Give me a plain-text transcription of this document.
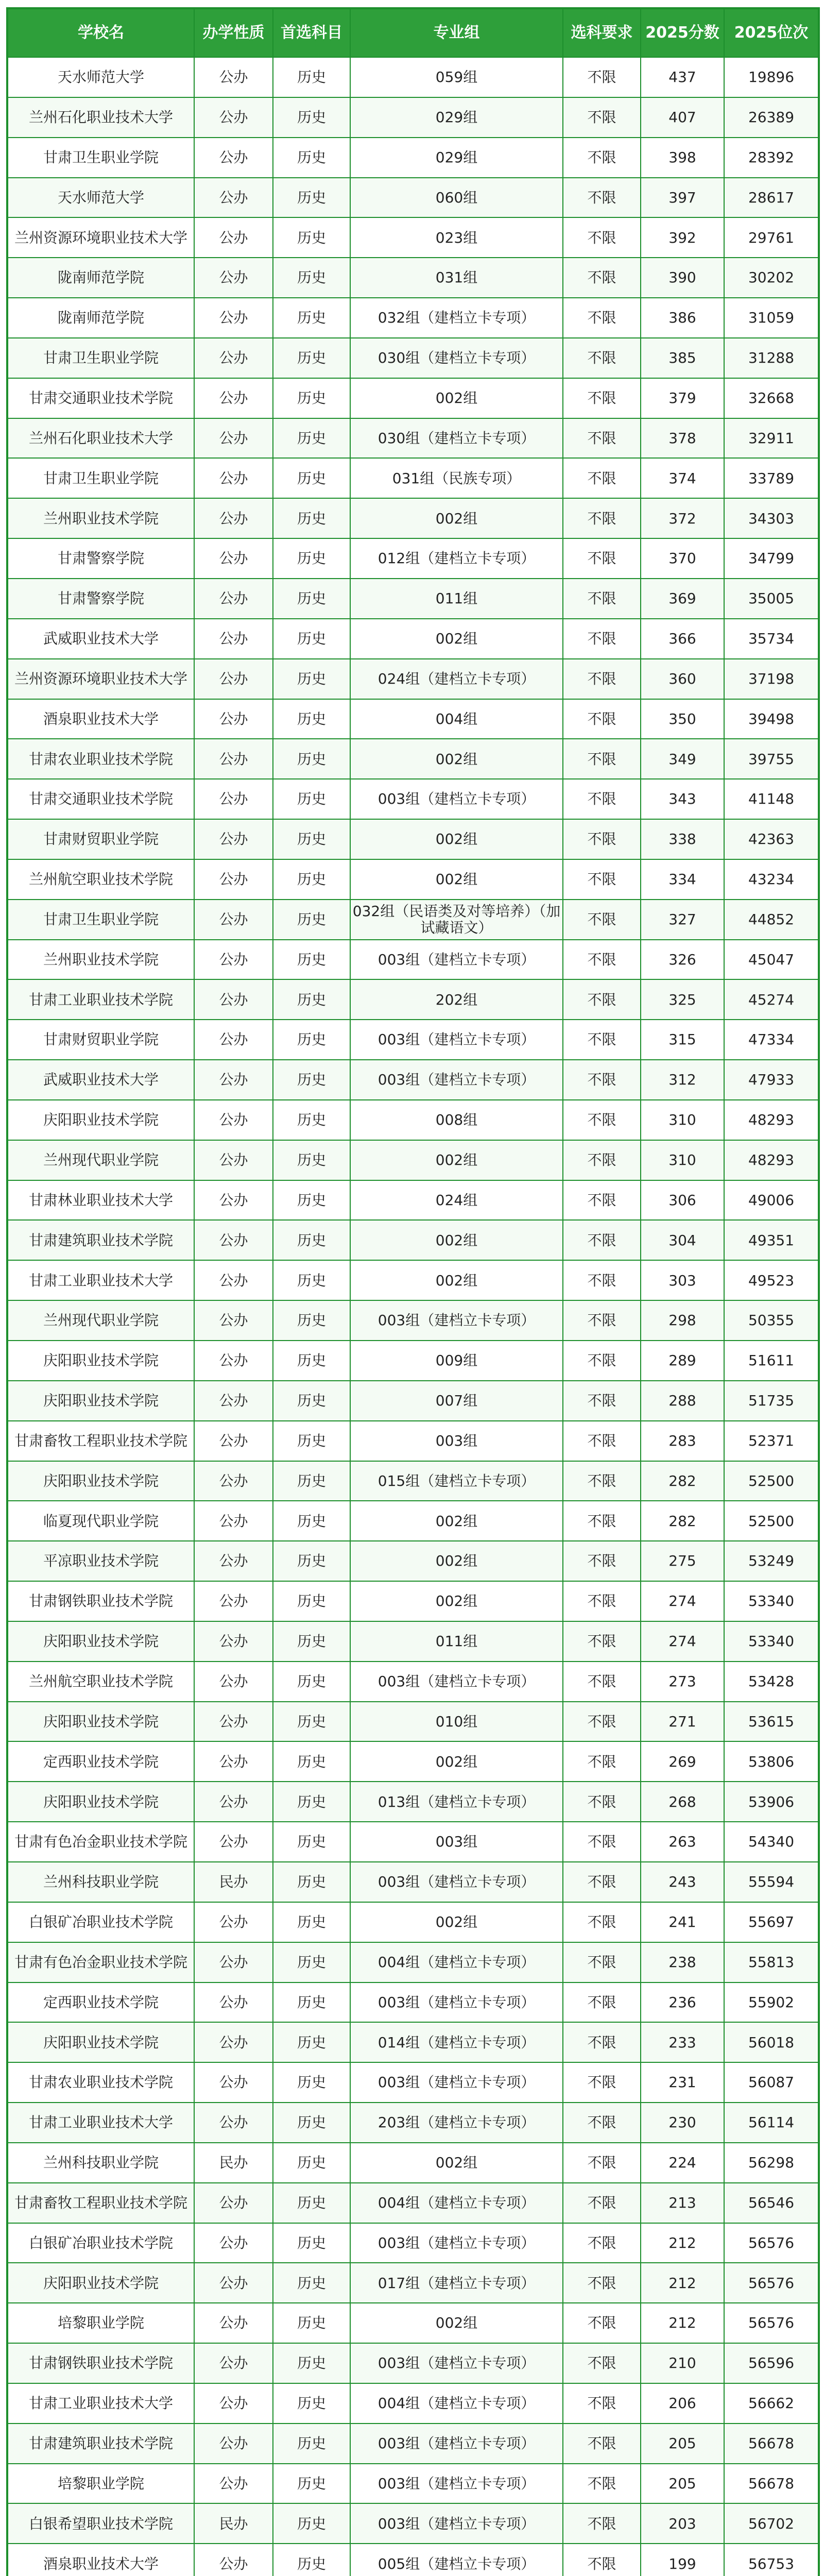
学校名	办学性质	首选科目	专业组	选科要求	2025分数	2025位次
天水师范大学	公办	历史	059组	不限	437	19896
兰州石化职业技术大学	公办	历史	029组	不限	407	26389
甘肃卫生职业学院	公办	历史	029组	不限	398	28392
天水师范大学	公办	历史	060组	不限	397	28617
兰州资源环境职业技术大学	公办	历史	023组	不限	392	29761
陇南师范学院	公办	历史	031组	不限	390	30202
陇南师范学院	公办	历史	032组（建档立卡专项）	不限	386	31059
甘肃卫生职业学院	公办	历史	030组（建档立卡专项）	不限	385	31288
甘肃交通职业技术学院	公办	历史	002组	不限	379	32668
兰州石化职业技术大学	公办	历史	030组（建档立卡专项）	不限	378	32911
甘肃卫生职业学院	公办	历史	031组（民族专项）	不限	374	33789
兰州职业技术学院	公办	历史	002组	不限	372	34303
甘肃警察学院	公办	历史	012组（建档立卡专项）	不限	370	34799
甘肃警察学院	公办	历史	011组	不限	369	35005
武威职业技术大学	公办	历史	002组	不限	366	35734
兰州资源环境职业技术大学	公办	历史	024组（建档立卡专项）	不限	360	37198
酒泉职业技术大学	公办	历史	004组	不限	350	39498
甘肃农业职业技术学院	公办	历史	002组	不限	349	39755
甘肃交通职业技术学院	公办	历史	003组（建档立卡专项）	不限	343	41148
甘肃财贸职业学院	公办	历史	002组	不限	338	42363
兰州航空职业技术学院	公办	历史	002组	不限	334	43234
甘肃卫生职业学院	公办	历史	032组（民语类及对等培养）（加试藏语文）	不限	327	44852
兰州职业技术学院	公办	历史	003组（建档立卡专项）	不限	326	45047
甘肃工业职业技术学院	公办	历史	202组	不限	325	45274
甘肃财贸职业学院	公办	历史	003组（建档立卡专项）	不限	315	47334
武威职业技术大学	公办	历史	003组（建档立卡专项）	不限	312	47933
庆阳职业技术学院	公办	历史	008组	不限	310	48293
兰州现代职业学院	公办	历史	002组	不限	310	48293
甘肃林业职业技术大学	公办	历史	024组	不限	306	49006
甘肃建筑职业技术学院	公办	历史	002组	不限	304	49351
甘肃工业职业技术大学	公办	历史	002组	不限	303	49523
兰州现代职业学院	公办	历史	003组（建档立卡专项）	不限	298	50355
庆阳职业技术学院	公办	历史	009组	不限	289	51611
庆阳职业技术学院	公办	历史	007组	不限	288	51735
甘肃畜牧工程职业技术学院	公办	历史	003组	不限	283	52371
庆阳职业技术学院	公办	历史	015组（建档立卡专项）	不限	282	52500
临夏现代职业学院	公办	历史	002组	不限	282	52500
平凉职业技术学院	公办	历史	002组	不限	275	53249
甘肃钢铁职业技术学院	公办	历史	002组	不限	274	53340
庆阳职业技术学院	公办	历史	011组	不限	274	53340
兰州航空职业技术学院	公办	历史	003组（建档立卡专项）	不限	273	53428
庆阳职业技术学院	公办	历史	010组	不限	271	53615
定西职业技术学院	公办	历史	002组	不限	269	53806
庆阳职业技术学院	公办	历史	013组（建档立卡专项）	不限	268	53906
甘肃有色冶金职业技术学院	公办	历史	003组	不限	263	54340
兰州科技职业学院	民办	历史	003组（建档立卡专项）	不限	243	55594
白银矿冶职业技术学院	公办	历史	002组	不限	241	55697
甘肃有色冶金职业技术学院	公办	历史	004组（建档立卡专项）	不限	238	55813
定西职业技术学院	公办	历史	003组（建档立卡专项）	不限	236	55902
庆阳职业技术学院	公办	历史	014组（建档立卡专项）	不限	233	56018
甘肃农业职业技术学院	公办	历史	003组（建档立卡专项）	不限	231	56087
甘肃工业职业技术大学	公办	历史	203组（建档立卡专项）	不限	230	56114
兰州科技职业学院	民办	历史	002组	不限	224	56298
甘肃畜牧工程职业技术学院	公办	历史	004组（建档立卡专项）	不限	213	56546
白银矿冶职业技术学院	公办	历史	003组（建档立卡专项）	不限	212	56576
庆阳职业技术学院	公办	历史	017组（建档立卡专项）	不限	212	56576
培黎职业学院	公办	历史	002组	不限	212	56576
甘肃钢铁职业技术学院	公办	历史	003组（建档立卡专项）	不限	210	56596
甘肃工业职业技术大学	公办	历史	004组（建档立卡专项）	不限	206	56662
甘肃建筑职业技术学院	公办	历史	003组（建档立卡专项）	不限	205	56678
培黎职业学院	公办	历史	003组（建档立卡专项）	不限	205	56678
白银希望职业技术学院	民办	历史	003组（建档立卡专项）	不限	203	56702
酒泉职业技术大学	公办	历史	005组（建档立卡专项）	不限	199	56753
